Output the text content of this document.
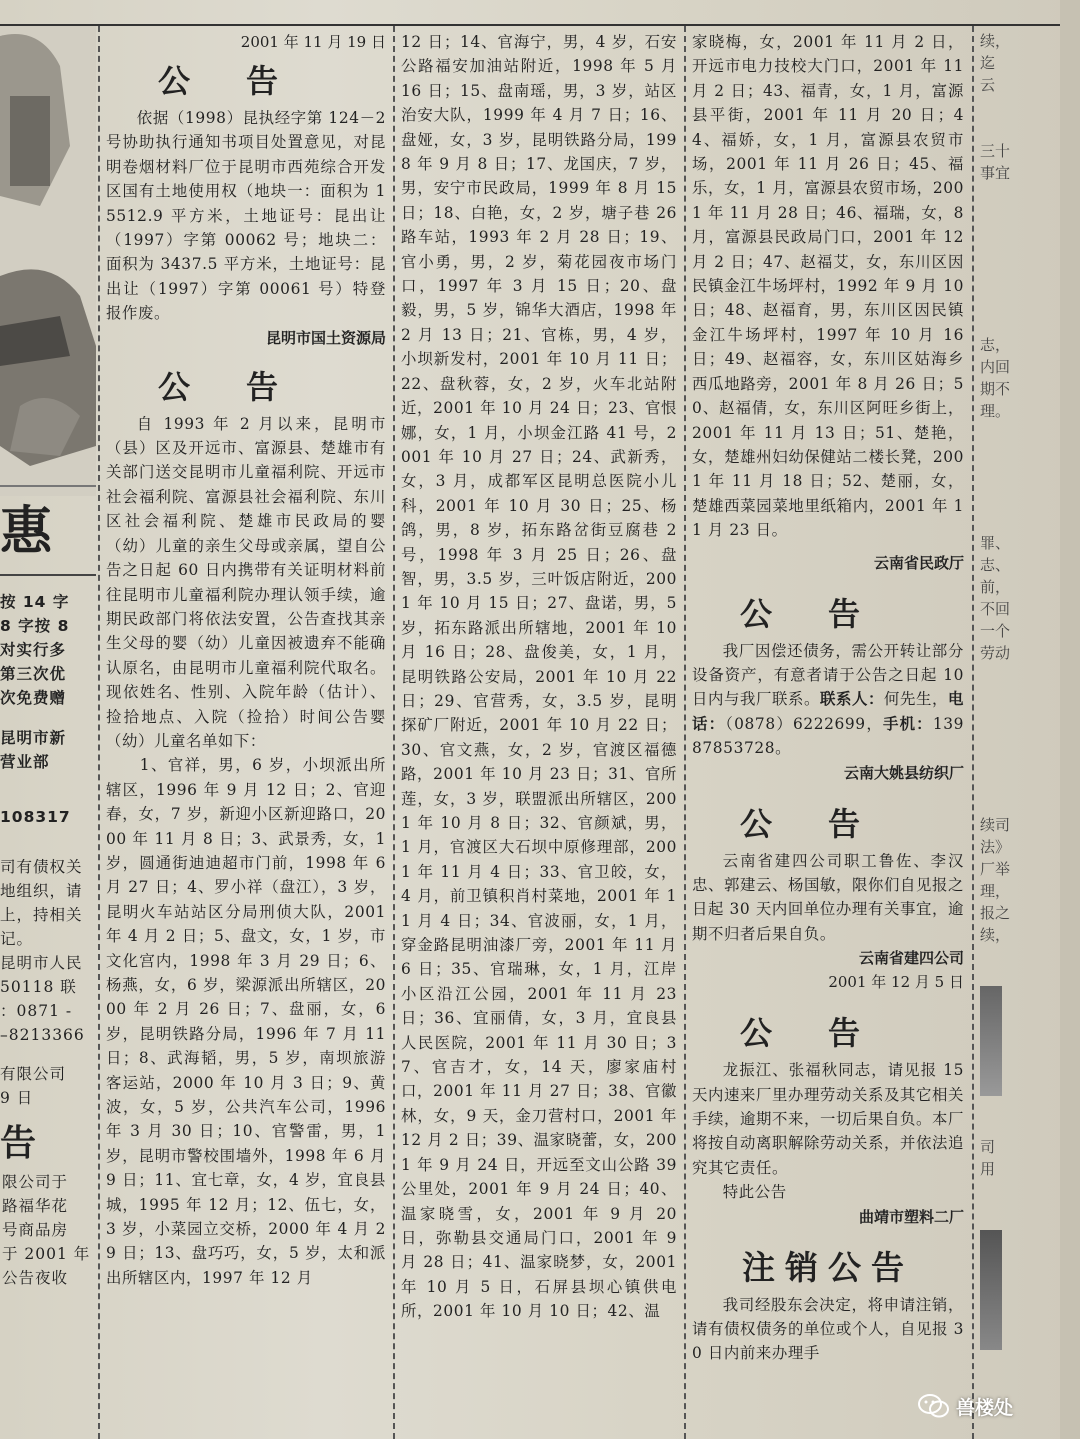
惠
按 14 字
8 字按 8
对实行多
第三次优
次免费赠
昆明市新
营业部
108317
司有债权关
地组织，请
上，持相关
记。
昆明市人民
50118 联
：0871 -
–8213366
有限公司
9 日
告
限公司于
路福华花
号商品房
于 2001 年
公告夜收
2001 年 11 月 19 日
公告
依据（1998）昆执经字第 124－2 号协助执行通知书项目处置意见，对昆明卷烟材料厂位于昆明市西苑综合开发区国有土地使用权（地块一：面积为 15512.9 平方米，土地证号：昆出让（1997）字第 00062 号；地块二：面积为 3437.5 平方米，土地证号：昆出让（1997）字第 00061 号）特登报作废。
昆明市国土资源局
公告
自 1993 年 2 月以来，昆明市（县）区及开远市、富源县、楚雄市有关部门送交昆明市儿童福利院、开远市社会福利院、富源县社会福利院、东川区社会福利院、楚雄市民政局的婴（幼）儿童的亲生父母或亲属，望自公告之日起 60 日内携带有关证明材料前往昆明市儿童福利院办理认领手续，逾期民政部门将依法安置，公告查找其亲生父母的婴（幼）儿童因被遗弃不能确认原名，由昆明市儿童福利院代取名。现依姓名、性别、入院年龄（估计）、捡拾地点、入院（捡拾）时间公告婴（幼）儿童名单如下：
　　1、官祥，男，6 岁，小坝派出所辖区，1996 年 9 月 12 日；2、官迎春，女，7 岁，新迎小区新迎路口，2000 年 11 月 8 日；3、武景秀，女，1 岁，圆通街迪迪超市门前，1998 年 6 月 27 日；4、罗小祥（盘江），3 岁，昆明火车站站区分局刑侦大队，2001 年 4 月 2 日；5、盘文，女，1 岁，市文化宫内，1998 年 3 月 29 日；6、杨燕，女，6 岁，梁源派出所辖区，2000 年 2 月 26 日；7、盘丽，女，6 岁，昆明铁路分局，1996 年 7 月 11 日；8、武海韬，男，5 岁，南坝旅游客运站，2000 年 10 月 3 日；9、黄波，女，5 岁，公共汽车公司，1996 年 3 月 30 日；10、官警雷，男，1 岁，昆明市警校围墙外，1998 年 6 月 9 日；11、宜七章，女，4 岁，宜良县城，1995 年 12 月；12、伍七，女，3 岁，小菜园立交桥，2000 年 4 月 29 日；13、盘巧巧，女，5 岁，太和派出所辖区内，1997 年 12 月
12 日；14、官海宁，男，4 岁，石安公路福安加油站附近，1998 年 5 月 16 日；15、盘南瑶，男，3 岁，站区治安大队，1999 年 4 月 7 日；16、盘娅，女，3 岁，昆明铁路分局，1998 年 9 月 8 日；17、龙国庆，7 岁，男，安宁市民政局，1999 年 8 月 15 日；18、白艳，女，2 岁，塘子巷 26 路车站，1993 年 2 月 28 日；19、官小勇，男，2 岁，菊花园夜市场门口，1997 年 3 月 15 日；20、盘毅，男，5 岁，锦华大酒店，1998 年 2 月 13 日；21、官栋，男，4 岁，小坝新发村，2001 年 10 月 11 日；22、盘秋蓉，女，2 岁，火车北站附近，2001 年 10 月 24 日；23、官恨娜，女，1 月，小坝金江路 41 号，2001 年 10 月 27 日；24、武新秀，女，3 月，成都军区昆明总医院小儿科，2001 年 10 月 30 日；25、杨鸽，男，8 岁，拓东路岔街豆腐巷 2 号，1998 年 3 月 25 日；26、盘智，男，3.5 岁，三叶饭店附近，2001 年 10 月 15 日；27、盘诺，男，5 岁，拓东路派出所辖地，2001 年 10 月 16 日；28、盘俊美，女，1 月，昆明铁路公安局，2001 年 10 月 22 日；29、官营秀，女，3.5 岁，昆明探矿厂附近，2001 年 10 月 22 日；30、官文燕，女，2 岁，官渡区福德路，2001 年 10 月 23 日；31、官所莲，女，3 岁，联盟派出所辖区，2001 年 10 月 8 日；32、官颜斌，男，1 月，官渡区大石坝中原修理部，2001 年 11 月 4 日；33、官卫皎，女，4 月，前卫镇积肖村菜地，2001 年 11 月 4 日；34、官波丽，女，1 月，穿金路昆明油漆厂旁，2001 年 11 月 6 日；35、官瑞琳，女，1 月，江岸小区沿江公园，2001 年 11 月 23 日；36、宜丽倩，女，3 月，宜良县人民医院，2001 年 11 月 30 日；37、官吉才，女，14 天，廖家庙村口，2001 年 11 月 27 日；38、官徽林，女，9 天，金刀营村口，2001 年 12 月 2 日；39、温家晓蕾，女，2001 年 9 月 24 日，开远至文山公路 39 公里处，2001 年 9 月 24 日；40、温家晓雪，女，2001 年 9 月 20 日，弥勒县交通局门口，2001 年 9 月 28 日；41、温家晓梦，女，2001 年 10 月 5 日，石屏县坝心镇供电所，2001 年 10 月 10 日；42、温
家晓梅，女，2001 年 11 月 2 日，开远市电力技校大门口，2001 年 11 月 2 日；43、福青，女，1 月，富源县平街，2001 年 11 月 20 日；44、福娇，女，1 月，富源县农贸市场，2001 年 11 月 26 日；45、福乐，女，1 月，富源县农贸市场，2001 年 11 月 28 日；46、福瑞，女，8 月，富源县民政局门口，2001 年 12 月 2 日；47、赵福艾，女，东川区因民镇金江牛场坪村，1992 年 9 月 10 日；48、赵福育，男，东川区因民镇金江牛场坪村，1997 年 10 月 16 日；49、赵福容，女，东川区姑海乡西瓜地路旁，2001 年 8 月 26 日；50、赵福倩，女，东川区阿旺乡街上，2001 年 11 月 13 日；51、楚艳，女，楚雄州妇幼保健站二楼长凳，2001 年 11 月 18 日；52、楚丽，女，楚雄西菜园菜地里纸箱内，2001 年 11 月 23 日。
云南省民政厅
公告
我厂因偿还债务，需公开转让部分设备资产，有意者请于公告之日起 10 日内与我厂联系。联系人：何先生，电话：（0878）6222699，手机：13987853728。
云南大姚县纺织厂
公告
云南省建四公司职工鲁佐、李汉忠、郭建云、杨国敏，限你们自见报之日起 30 天内回单位办理有关事宜，逾期不归者后果自负。
云南省建四公司
2001 年 12 月 5 日
公告
龙振江、张福秋同志，请见报 15 天内速来厂里办理劳动关系及其它相关手续，逾期不来，一切后果自负。本厂将按自动离职解除劳动关系，并依法追究其它责任。
特此公告
曲靖市塑料二厂
注销公告
我司经股东会决定，将申请注销，请有债权债务的单位或个人，自见报 30 日内前来办理手
续，
迄
云
三十
事宜
志，
内回
期不
理。
罪、
志、
前，
不回
一个
劳动
续司
法》
厂举
理，
报之
续，
司
用
兽楼处
